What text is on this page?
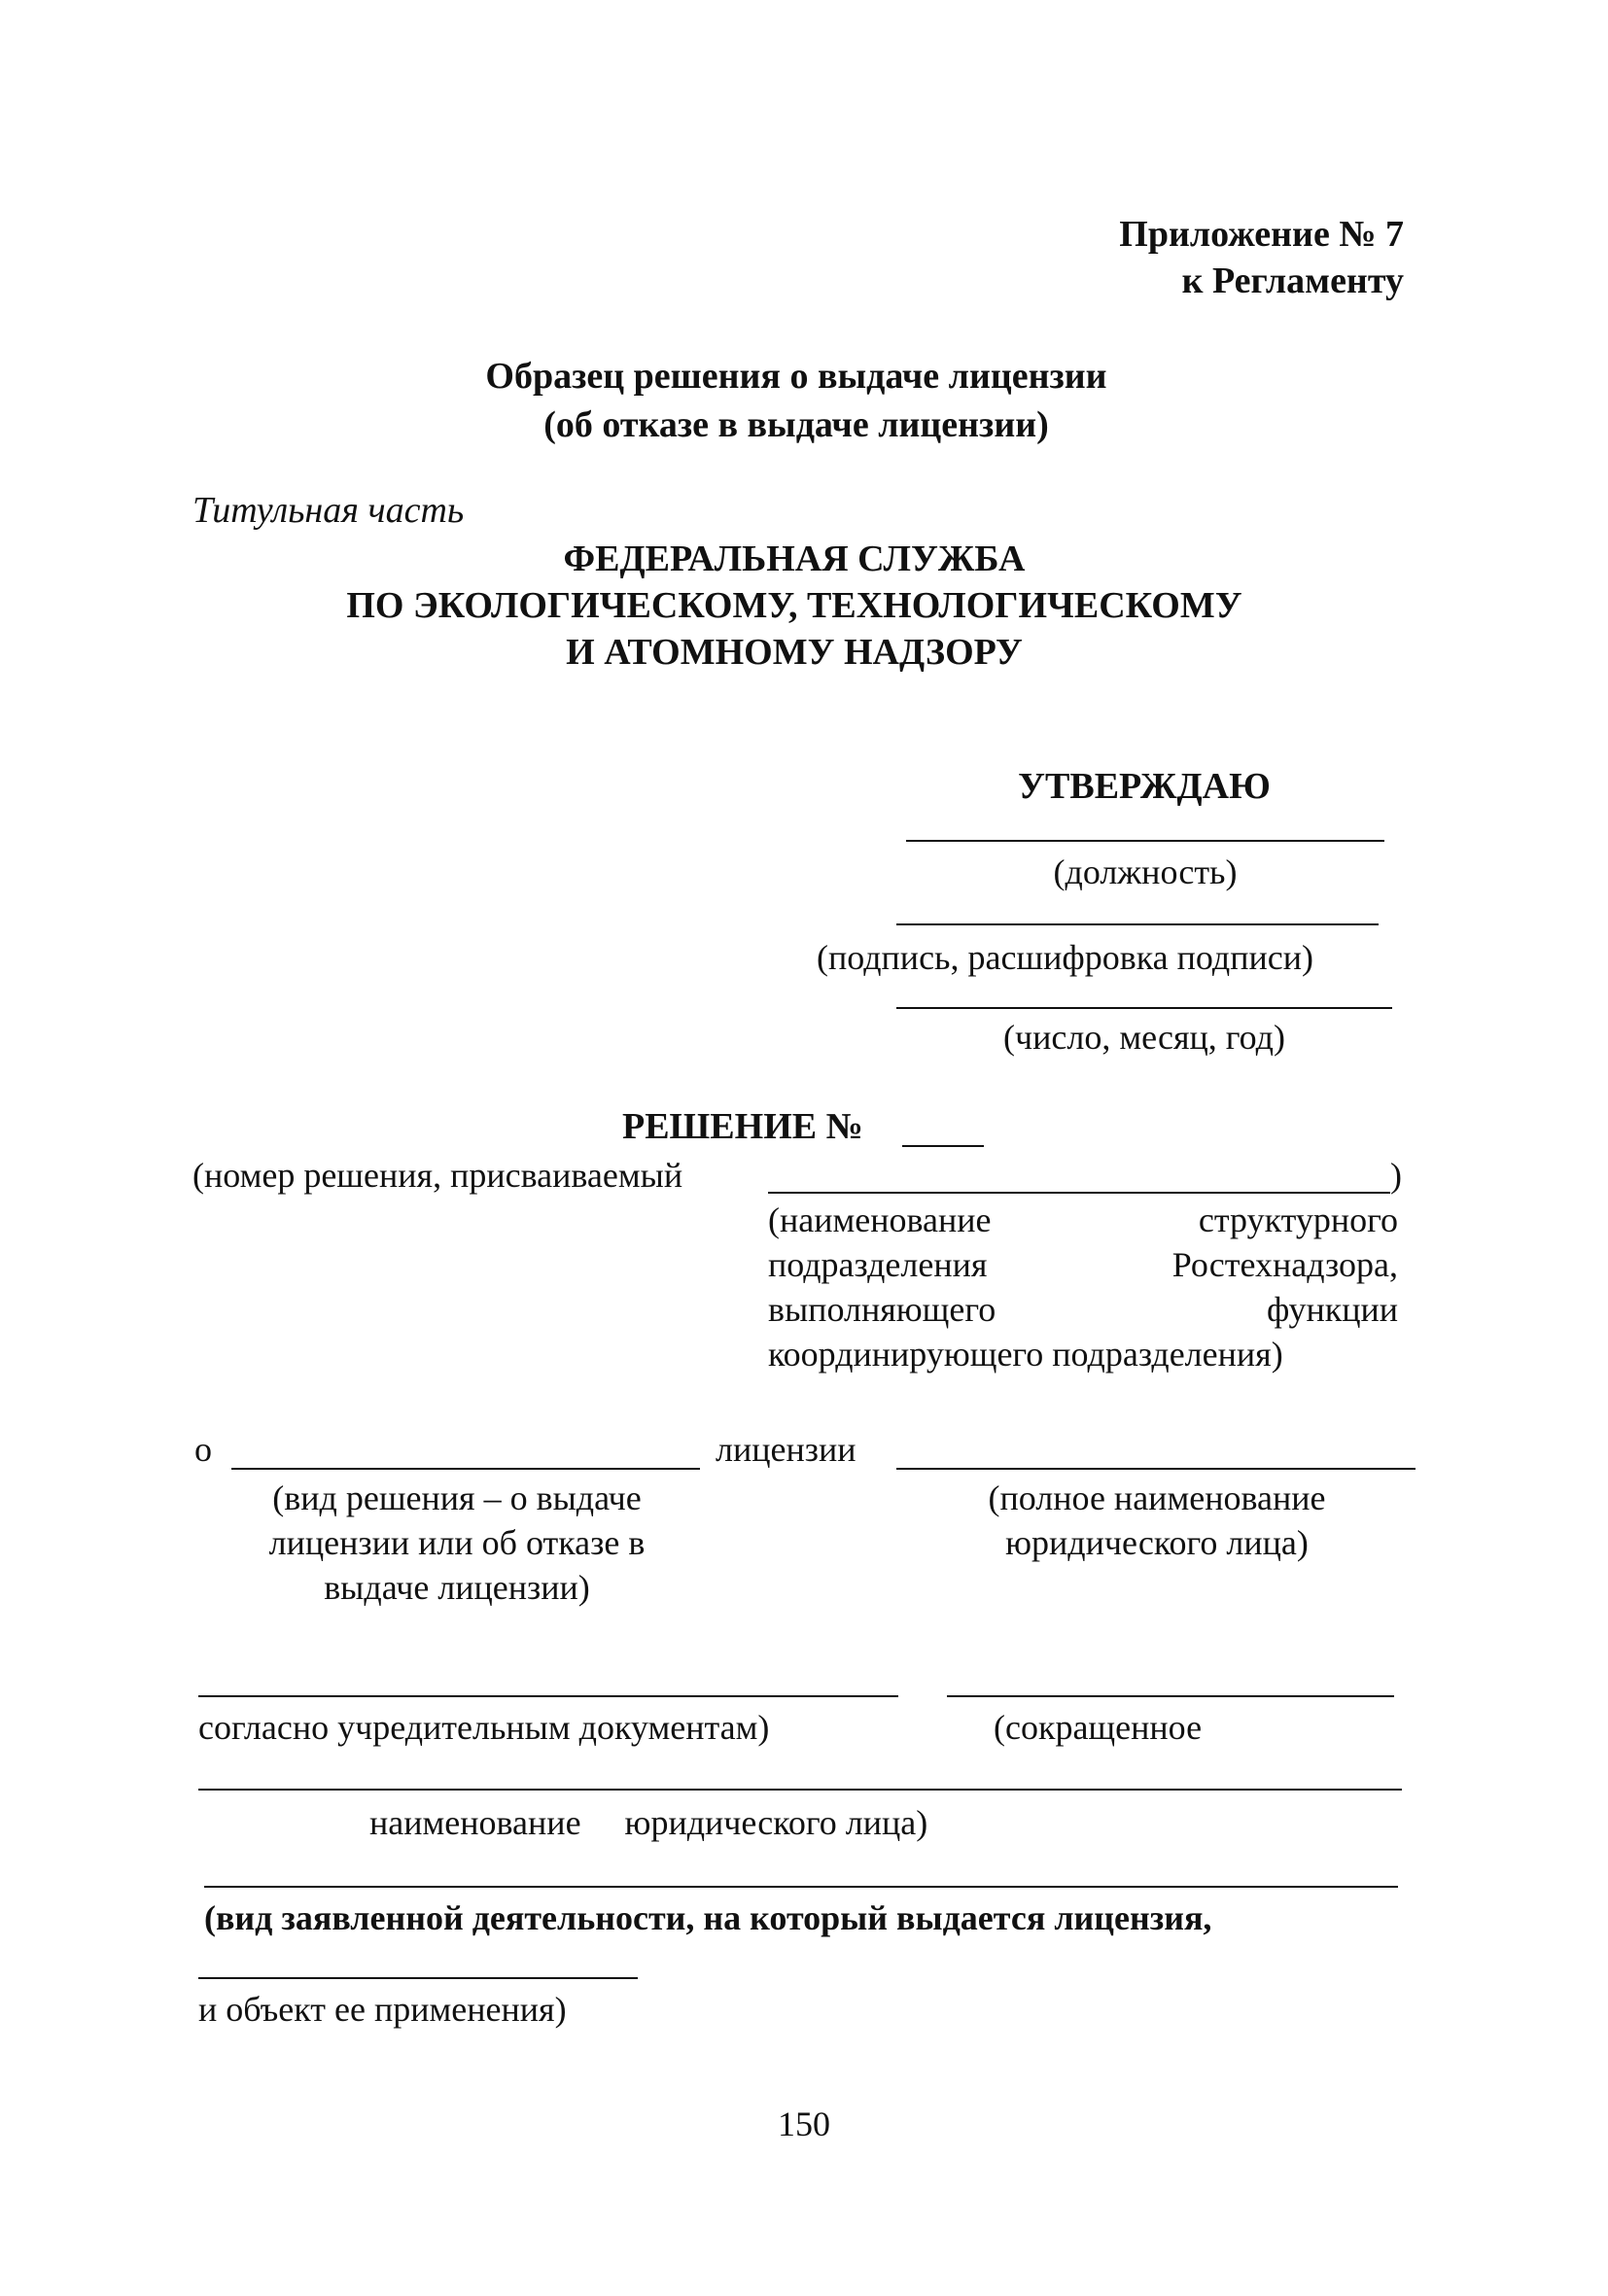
Приложение № 7
к Регламенту
Образец решения о выдаче лицензии
(об отказе в выдаче лицензии)
Титульная часть
ФЕДЕРАЛЬНАЯ СЛУЖБА
ПО ЭКОЛОГИЧЕСКОМУ, ТЕХНОЛОГИЧЕСКОМУ
И АТОМНОМУ НАДЗОРУ
УТВЕРЖДАЮ
(должность)
(подпись, расшифровка подписи)
(число, месяц, год)
РЕШЕНИЕ №
(номер решения, присваиваемый	)
(наименование структурного подразделения Ростехнадзора, выполняющего функции координирующего подразделения)
о	лицензии
(вид решения – о выдаче
лицензии или об отказе в
выдаче лицензии)
(полное наименование
юридического лица)
согласно учредительным документам)	(сокращенное
наименование     юридического лица)
(вид заявленной деятельности, на который выдается лицензия,
и объект ее применения)
150
